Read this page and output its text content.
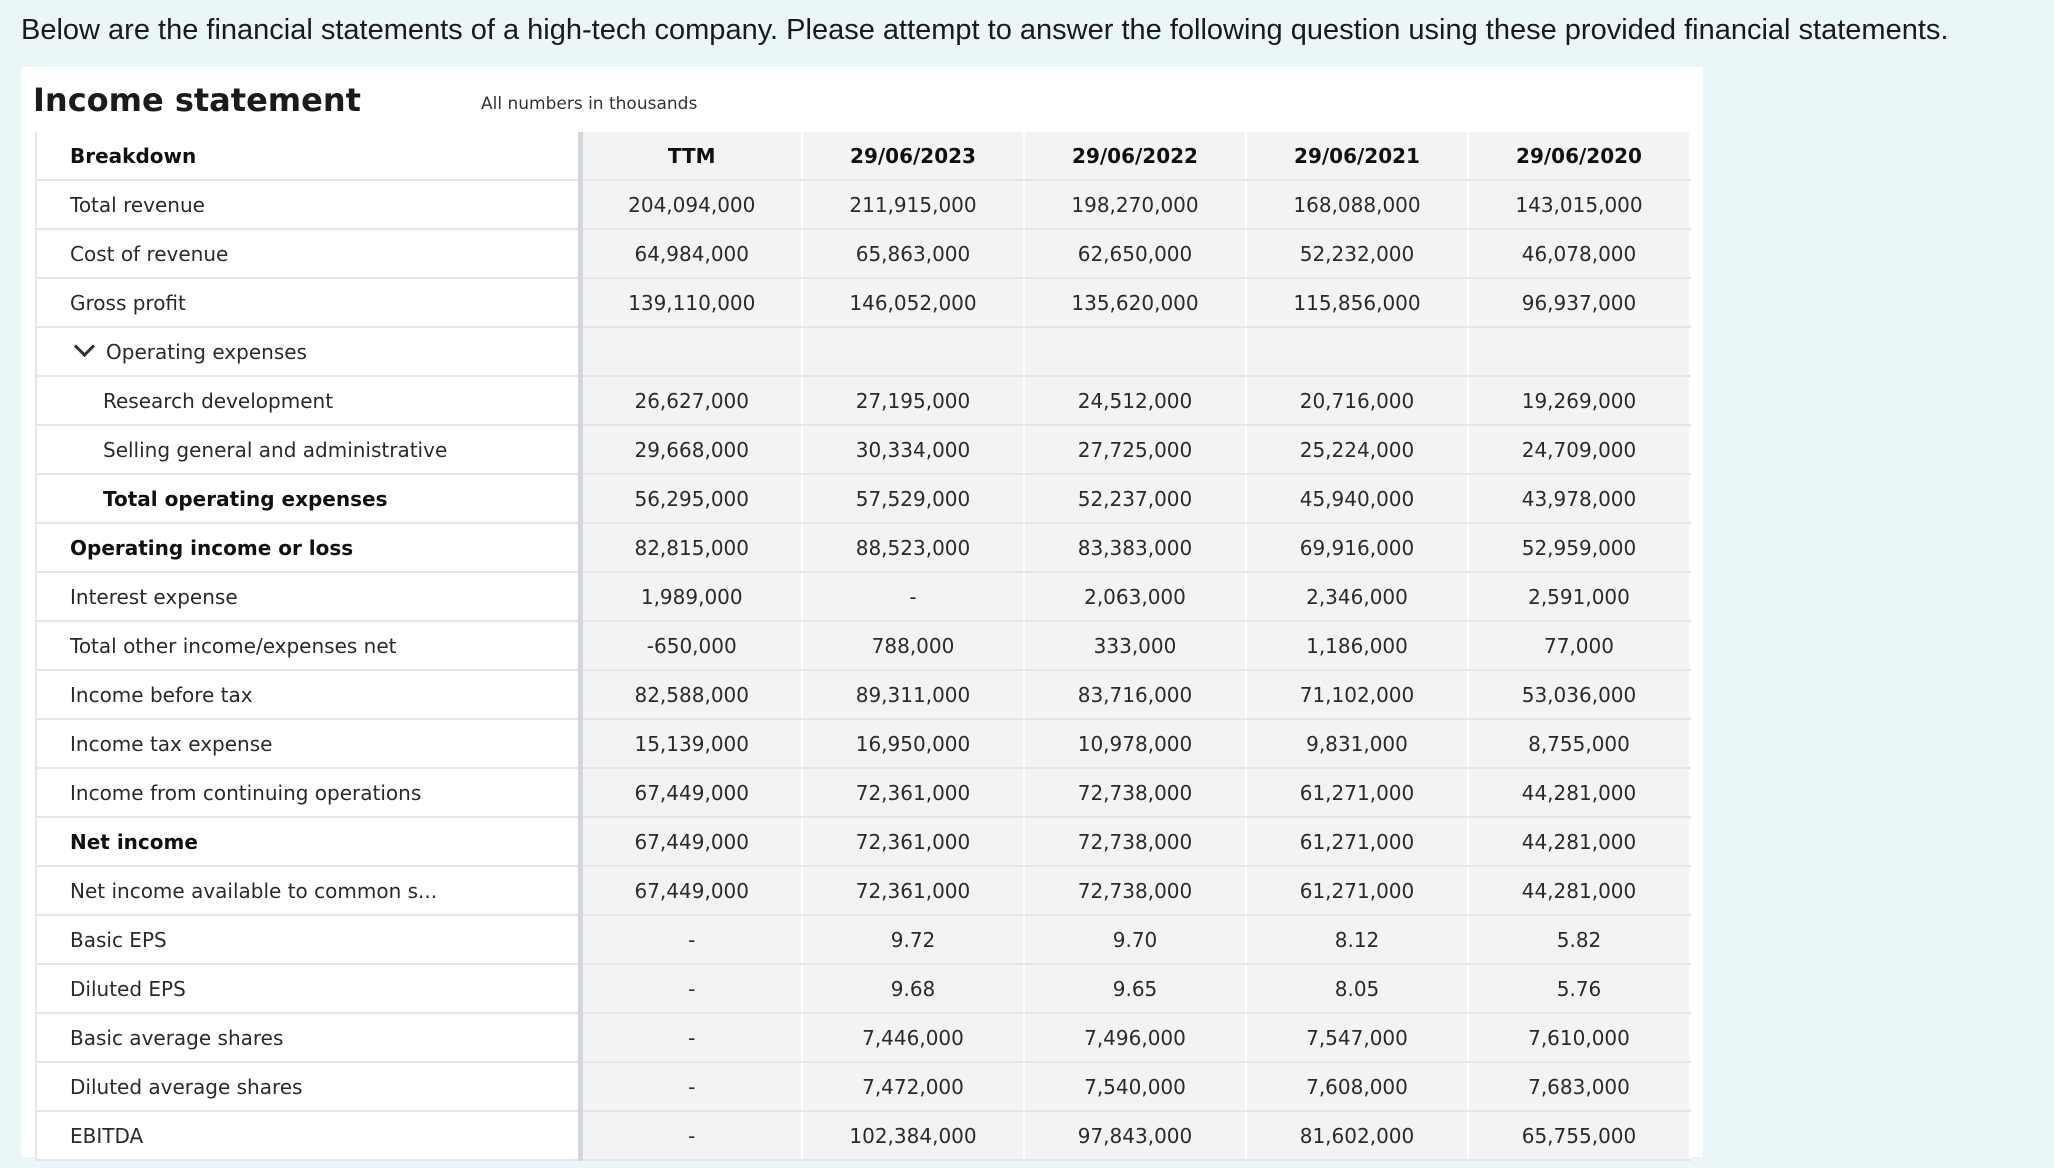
Below are the financial statements of a high-tech company. Please attempt to answer the following question using these provided financial statements.
Income statement	All numbers in thousands
Breakdown	TTM	29/06/2023	29/06/2022	29/06/2021	29/06/2020
Total revenue	204,094,000	211,915,000	198,270,000	168,088,000	143,015,000
Cost of revenue	64,984,000	65,863,000	62,650,000	52,232,000	46,078,000
Gross profit	139,110,000	146,052,000	135,620,000	115,856,000	96,937,000
Operating expenses					
Research development	26,627,000	27,195,000	24,512,000	20,716,000	19,269,000
Selling general and administrative	29,668,000	30,334,000	27,725,000	25,224,000	24,709,000
Total operating expenses	56,295,000	57,529,000	52,237,000	45,940,000	43,978,000
Operating income or loss	82,815,000	88,523,000	83,383,000	69,916,000	52,959,000
Interest expense	1,989,000	-	2,063,000	2,346,000	2,591,000
Total other income/expenses net	-650,000	788,000	333,000	1,186,000	77,000
Income before tax	82,588,000	89,311,000	83,716,000	71,102,000	53,036,000
Income tax expense	15,139,000	16,950,000	10,978,000	9,831,000	8,755,000
Income from continuing operations	67,449,000	72,361,000	72,738,000	61,271,000	44,281,000
Net income	67,449,000	72,361,000	72,738,000	61,271,000	44,281,000
Net income available to common s...	67,449,000	72,361,000	72,738,000	61,271,000	44,281,000
Basic EPS	-	9.72	9.70	8.12	5.82
Diluted EPS	-	9.68	9.65	8.05	5.76
Basic average shares	-	7,446,000	7,496,000	7,547,000	7,610,000
Diluted average shares	-	7,472,000	7,540,000	7,608,000	7,683,000
EBITDA	-	102,384,000	97,843,000	81,602,000	65,755,000
